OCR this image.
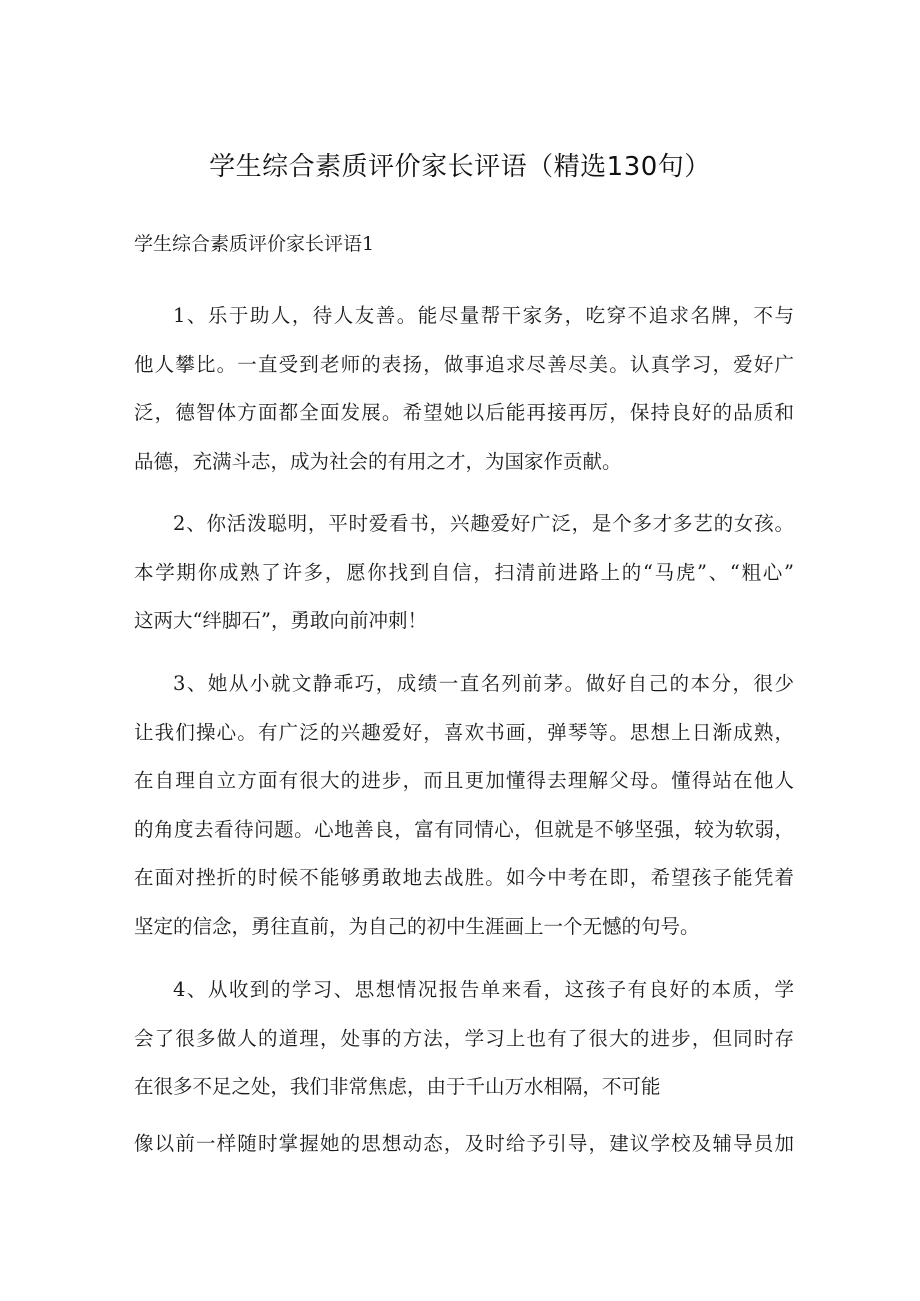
学生综合素质评价家长评语（精选130句）
学生综合素质评价家长评语1
1、乐于助人，待人友善。能尽量帮干家务，吃穿不追求名牌，不与
他人攀比。一直受到老师的表扬，做事追求尽善尽美。认真学习，爱好广
泛，德智体方面都全面发展。希望她以后能再接再厉，保持良好的品质和
品德，充满斗志，成为社会的有用之才，为国家作贡献。
2、你活泼聪明，平时爱看书，兴趣爱好广泛，是个多才多艺的女孩。
本学期你成熟了许多，愿你找到自信，扫清前进路上的“马虎”、“粗心”
这两大“绊脚石”，勇敢向前冲刺！
3、她从小就文静乖巧，成绩一直名列前茅。做好自己的本分，很少
让我们操心。有广泛的兴趣爱好，喜欢书画，弹琴等。思想上日渐成熟，
在自理自立方面有很大的进步，而且更加懂得去理解父母。懂得站在他人
的角度去看待问题。心地善良，富有同情心，但就是不够坚强，较为软弱，
在面对挫折的时候不能够勇敢地去战胜。如今中考在即，希望孩子能凭着
坚定的信念，勇往直前，为自己的初中生涯画上一个无憾的句号。
4、从收到的学习、思想情况报告单来看，这孩子有良好的本质，学
会了很多做人的道理，处事的方法，学习上也有了很大的进步，但同时存
在很多不足之处，我们非常焦虑，由于千山万水相隔，不可能
像以前一样随时掌握她的思想动态，及时给予引导，建议学校及辅导员加
